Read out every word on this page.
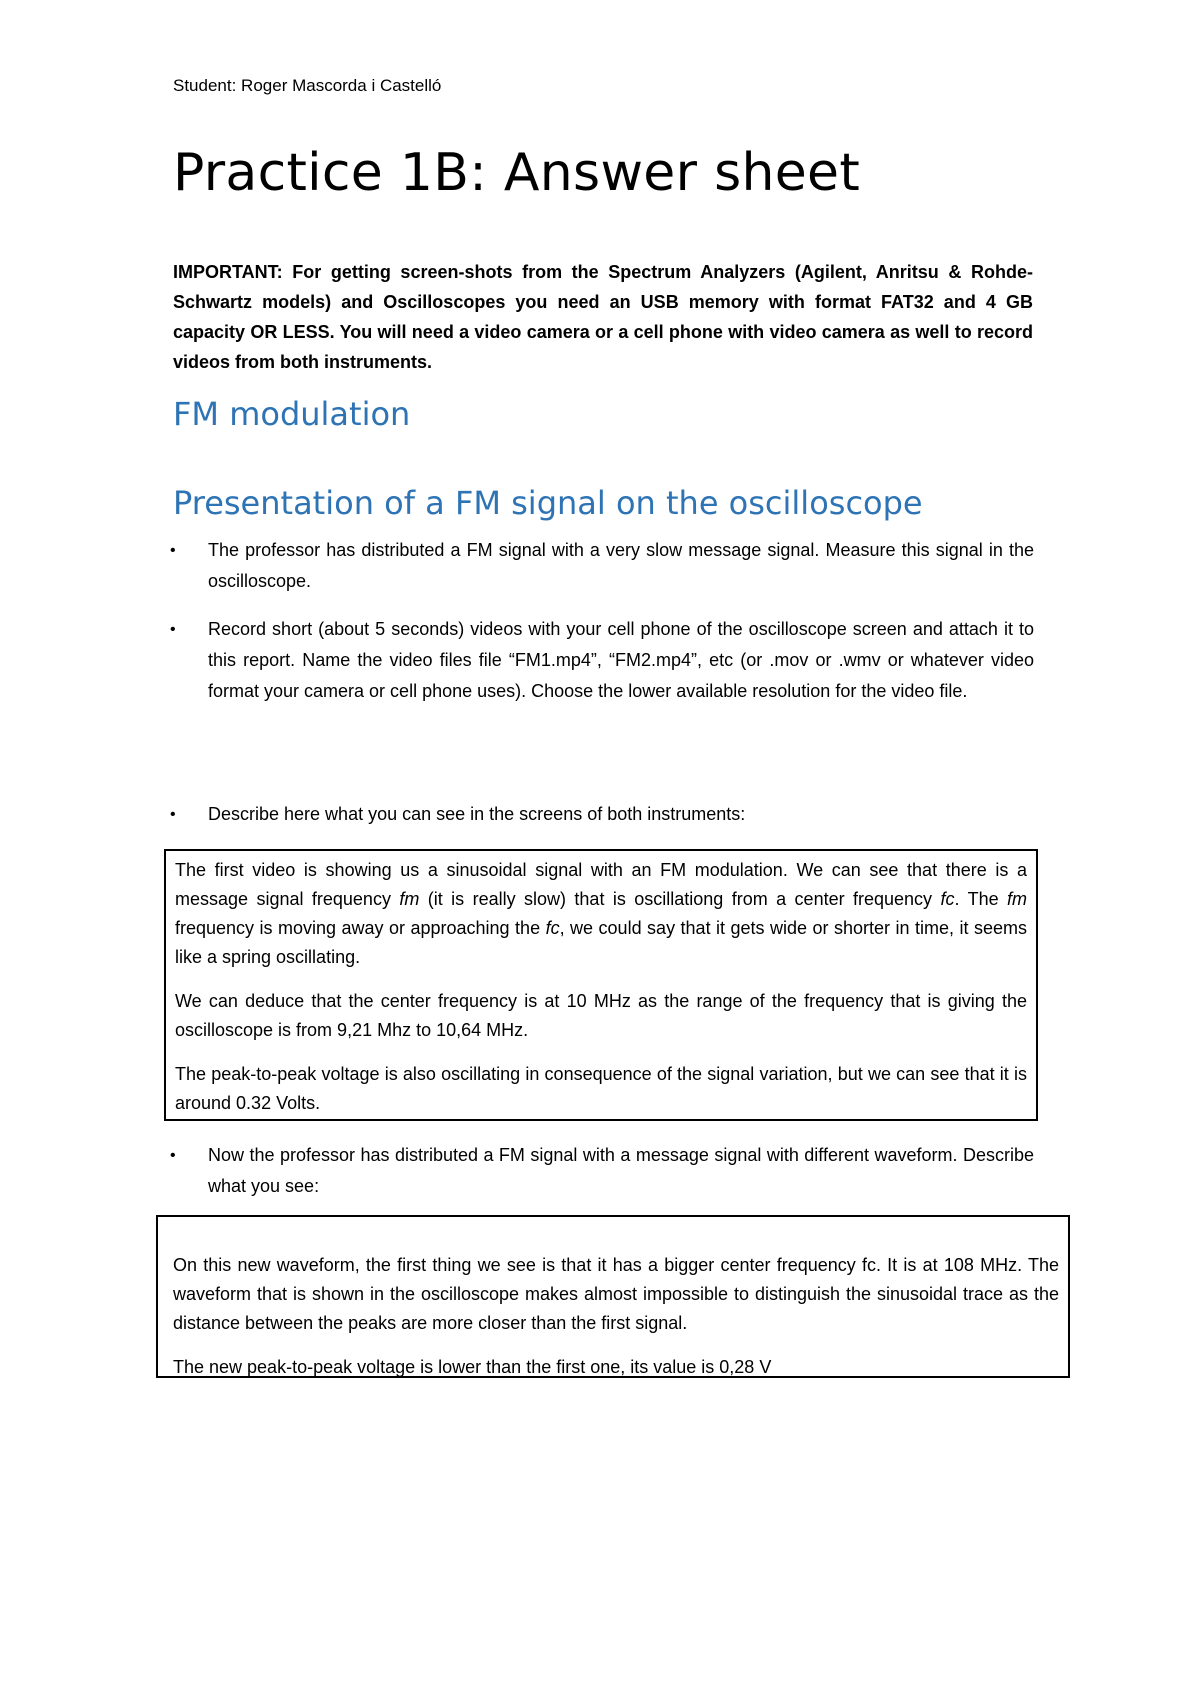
Student: Roger Mascorda i Castelló
Practice 1B: Answer sheet
IMPORTANT: For getting screen-shots from the Spectrum Analyzers (Agilent, Anritsu & Rohde-Schwartz models) and Oscilloscopes you need an USB memory with format FAT32 and 4 GB capacity OR LESS. You will need a video camera or a cell phone with video camera as well to record videos from both instruments.
FM modulation
Presentation of a FM signal on the oscilloscope
•	The professor has distributed a FM signal with a very slow message signal. Measure this signal in the oscilloscope.
•	Record short (about 5 seconds) videos with your cell phone of the oscilloscope screen and attach it to this report. Name the video files file “FM1.mp4”, “FM2.mp4”, etc (or .mov or .wmv or whatever video format your camera or cell phone uses). Choose the lower available resolution for the video file.
•	Describe here what you can see in the screens of both instruments:

The first video is showing us a sinusoidal signal with an FM modulation. We can see that there is a message signal frequency fm (it is really slow) that is oscillationg from a center frequency fc. The fm frequency is moving away or approaching the fc, we could say that it gets wide or shorter in time, it seems like a spring oscillating.

We can deduce that the center frequency is at 10 MHz as the range of the frequency that is giving the oscilloscope is from 9,21 Mhz to 10,64 MHz.

The peak-to-peak voltage is also oscillating in consequence of the signal variation, but we can see that it is around 0.32 Volts.

•	Now the professor has distributed a FM signal with a message signal with different waveform. Describe what you see:

On this new waveform, the first thing we see is that it has a bigger center frequency fc. It is at 108 MHz. The waveform that is shown in the oscilloscope makes almost impossible to distinguish the sinusoidal trace as the distance between the peaks are more closer than the first signal.

The new peak-to-peak voltage is lower than the first one, its value is 0,28 V
